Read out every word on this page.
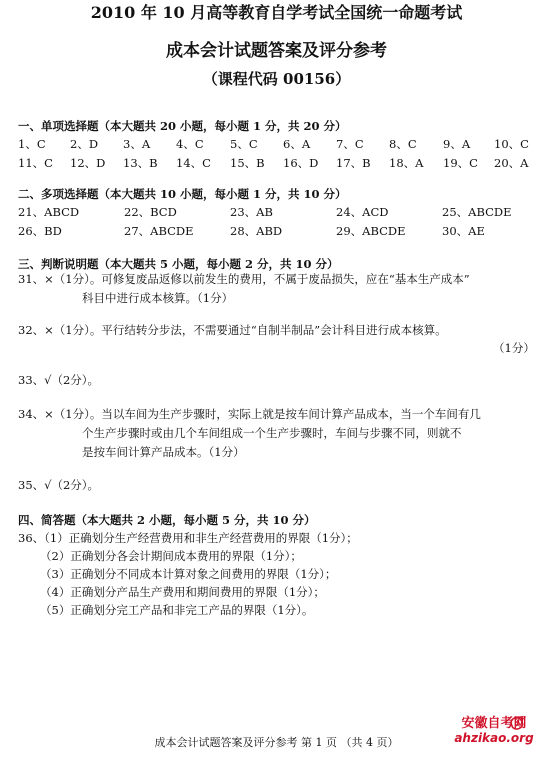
2010 年 10 月高等教育自学考试全国统一命题考试
成本会计试题答案及评分参考
（课程代码 00156）
一、单项选择题（本大题共 20 小题，每小题 1 分，共 20 分）
1、C 2、D 3、A 4、C 5、C 6、A 7、C 8、C 9、A 10、C
11、C 12、D 13、B 14、C 15、B 16、D 17、B 18、A 19、C 20、A
二、多项选择题（本大题共 10 小题，每小题 1 分，共 10 分）
21、ABCD	22、BCD	23、AB	24、ACD	25、ABCDE
26、BD	27、ABCDE	28、ABD	29、ABCDE	30、AE
三、判断说明题（本大题共 5 小题，每小题 2 分，共 10 分）
31、×（1分）。可修复废品返修以前发生的费用，不属于废品损失，应在“基本生产成本”
科目中进行成本核算。（1分）
32、×（1分）。平行结转分步法，不需要通过“自制半制品”会计科目进行成本核算。
（1分）
33、√（2分）。
34、×（1分）。当以车间为生产步骤时，实际上就是按车间计算产品成本，当一个车间有几
个生产步骤时或由几个车间组成一个生产步骤时，车间与步骤不同，则就不
是按车间计算产品成本。（1分）
35、√（2分）。
四、简答题（本大题共 2 小题，每小题 5 分，共 10 分）
36、（1）正确划分生产经营费用和非生产经营费用的界限（1分）；
（2）正确划分各会计期间成本费用的界限（1分）；
（3）正确划分不同成本计算对象之间费用的界限（1分）；
（4）正确划分产品生产费用和期间费用的界限（1分）；
（5）正确划分完工产品和非完工产品的界限（1分）。
成本会计试题答案及评分参考 第 1 页 （共 4 页）
安徽自考网
ahzikao.org
